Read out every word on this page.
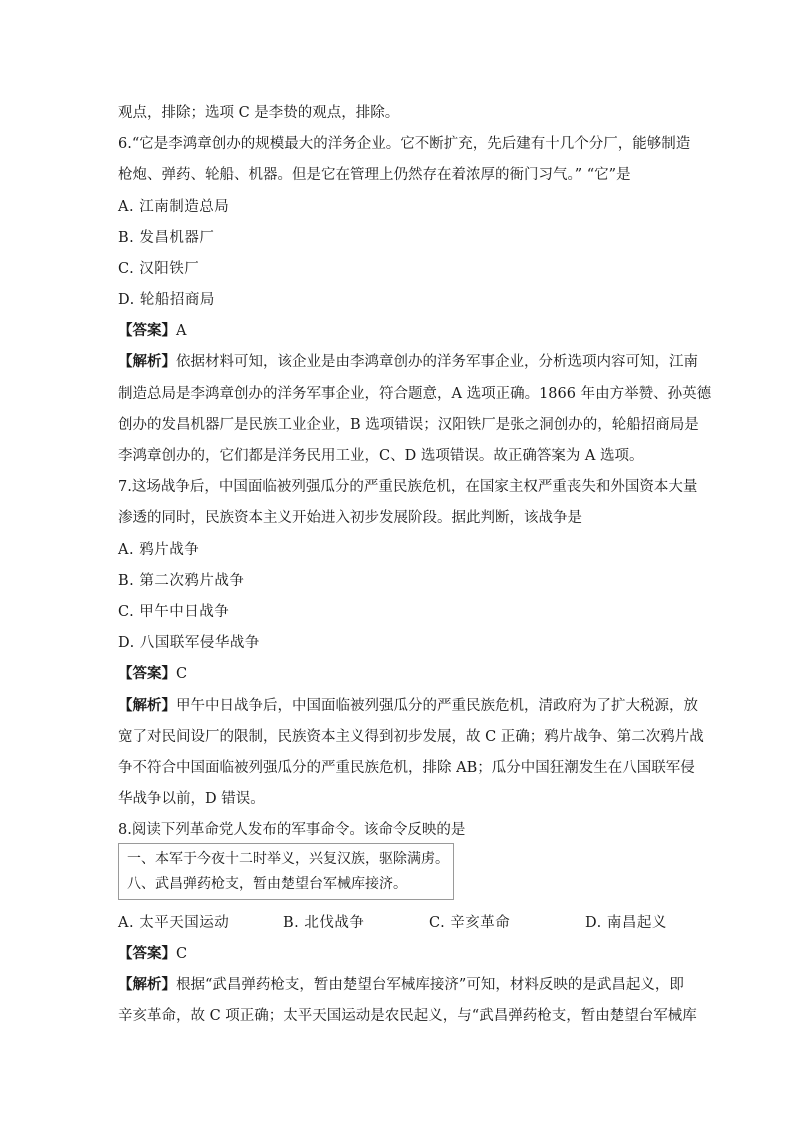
观点，排除；选项 C 是李贽的观点，排除。
6.“它是李鸿章创办的规模最大的洋务企业。它不断扩充，先后建有十几个分厂，能够制造
枪炮、弹药、轮船、机器。但是它在管理上仍然存在着浓厚的衙门习气。” “它”是
A. 江南制造总局
B. 发昌机器厂
C. 汉阳铁厂
D. 轮船招商局
【答案】A
【解析】依据材料可知，该企业是由李鸿章创办的洋务军事企业，分析选项内容可知，江南
制造总局是李鸿章创办的洋务军事企业，符合题意，A 选项正确。1866 年由方举赞、孙英德
创办的发昌机器厂是民族工业企业，B 选项错误；汉阳铁厂是张之洞创办的，轮船招商局是
李鸿章创办的，它们都是洋务民用工业，C、D 选项错误。故正确答案为 A 选项。
7.这场战争后，中国面临被列强瓜分的严重民族危机，在国家主权严重丧失和外国资本大量
渗透的同时，民族资本主义开始进入初步发展阶段。据此判断，该战争是
A. 鸦片战争
B. 第二次鸦片战争
C. 甲午中日战争
D. 八国联军侵华战争
【答案】C
【解析】甲午中日战争后，中国面临被列强瓜分的严重民族危机，清政府为了扩大税源，放
宽了对民间设厂的限制，民族资本主义得到初步发展，故 C 正确；鸦片战争、第二次鸦片战
争不符合中国面临被列强瓜分的严重民族危机，排除 AB；瓜分中国狂潮发生在八国联军侵
华战争以前，D 错误。
8.阅读下列革命党人发布的军事命令。该命令反映的是
一、本军于今夜十二时举义，兴复汉族，驱除满虏。
八、武昌弹药枪支，暂由楚望台军械库接济。
A. 太平天国运动	B. 北伐战争	C. 辛亥革命	D. 南昌起义
【答案】C
【解析】根据“武昌弹药枪支，暂由楚望台军械库接济”可知，材料反映的是武昌起义，即
辛亥革命，故 C 项正确；太平天国运动是农民起义，与“武昌弹药枪支，暂由楚望台军械库
